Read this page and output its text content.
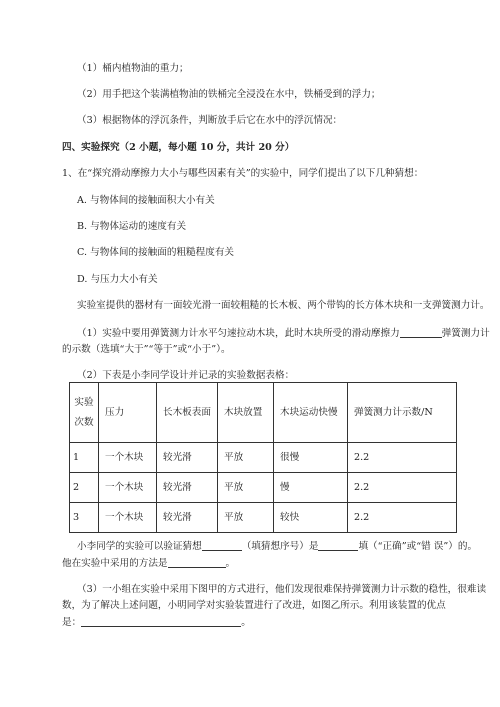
（1）桶内植物油的重力；
（2）用手把这个装满植物油的铁桶完全浸没在水中，铁桶受到的浮力；
（3）根据物体的浮沉条件，判断放手后它在水中的浮沉情况：
四、实验探究（2 小题，每小题 10 分，共计 20 分）
1、在“探究滑动摩擦力大小与哪些因素有关”的实验中，同学们提出了以下几种猜想：
A. 与物体间的接触面积大小有关
B. 与物体运动的速度有关
C. 与物体间的接触面的粗糙程度有关
D. 与压力大小有关
实验室提供的器材有一面较光滑一面较粗糙的长木板、两个带钩的长方体木块和一支弹簧测力计。
（1）实验中要用弹簧测力计水平匀速拉动木块，此时木块所受的滑动摩擦力	弹簧测力计
的示数（选填“大于”“等于”或“小于”）。
（2）下表是小李同学设计并记录的实验数据表格：
实验
次数	压力	长木板表面	木块放置	木块运动快慢	弹簧测力计示数/N
1	一个木块	较光滑	平放	很慢	2.2
2	一个木块	较光滑	平放	慢	2.2
3	一个木块	较光滑	平放	较快	2.2
小李同学的实验可以验证猜想	（填猜想序号）是	填（“正确”或“错 误”）的。
他在实验中采用的方法是	。
（3）一小组在实验中采用下图甲的方式进行，他们发现很难保持弹簧测力计示数的稳性，很难读
数，为了解决上述问题，小明同学对实验装置进行了改进，如图乙所示。利用该装置的优点
是：	。
